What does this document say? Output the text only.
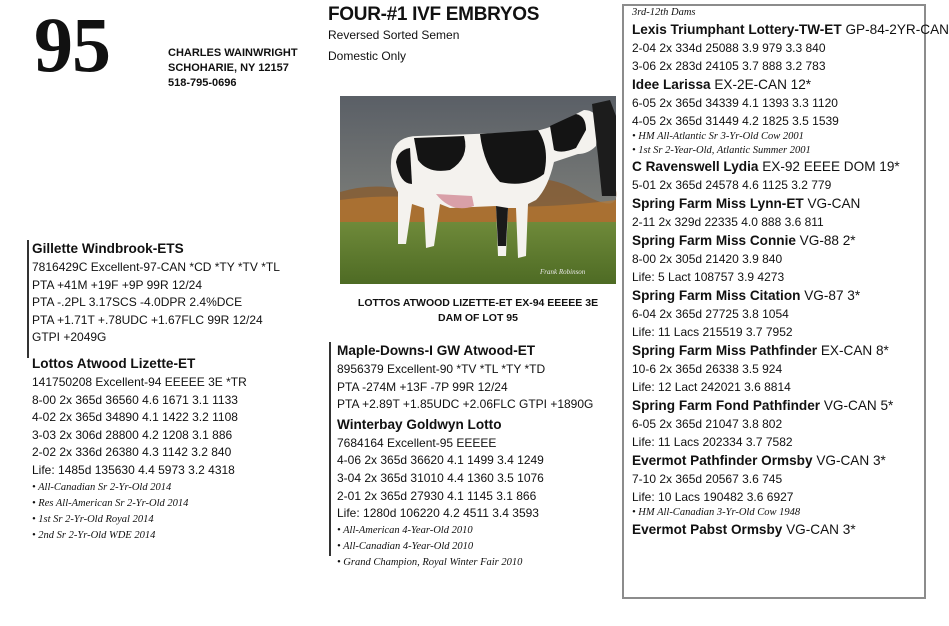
95	CHARLES WAINWRIGHT
SCHOHARIE, NY 12157
518-795-0696
FOUR-#1 IVF EMBRYOS
Reversed Sorted Semen
Domestic Only
Frank Robinson
LOTTOS ATWOOD LIZETTE-ET EX-94 EEEEE 3E
DAM OF LOT 95
Gillette Windbrook-ETS
7816429C Excellent-97-CAN *CD *TY *TV *TL
PTA +41M +19F +9P 99R 12/24
PTA -.2PL 3.17SCS -4.0DPR 2.4%DCE
PTA +1.71T +.78UDC +1.67FLC 99R 12/24
GTPI +2049G
Lottos Atwood Lizette-ET
141750208 Excellent-94 EEEEE 3E *TR
8-00 2x 365d 36560 4.6 1671 3.1 1133
4-02 2x 365d 34890 4.1 1422 3.2 1108
3-03 2x 306d 28800 4.2 1208 3.1 886
2-02 2x 336d 26380 4.3 1142 3.2 840
Life: 1485d 135630 4.4 5973 3.2 4318
• All-Canadian Sr 2-Yr-Old 2014
• Res All-American Sr 2-Yr-Old 2014
• 1st Sr 2-Yr-Old Royal 2014
• 2nd Sr 2-Yr-Old WDE 2014
Maple-Downs-I GW Atwood-ET
8956379 Excellent-90 *TV *TL *TY *TD
PTA -274M +13F -7P 99R 12/24
PTA +2.89T +1.85UDC +2.06FLC GTPI +1890G
Winterbay Goldwyn Lotto
7684164 Excellent-95 EEEEE
4-06 2x 365d 36620 4.1 1499 3.4 1249
3-04 2x 365d 31010 4.4 1360 3.5 1076
2-01 2x 365d 27930 4.1 1145 3.1 866
Life: 1280d 106220 4.2 4511 3.4 3593
• All-American 4-Year-Old 2010
• All-Canadian 4-Year-Old 2010
• Grand Champion, Royal Winter Fair 2010
3rd-12th Dams
Lexis Triumphant Lottery-TW-ET GP-84-2YR-CAN
2-04 2x 334d 25088 3.9 979 3.3 840
3-06 2x 283d 24105 3.7 888 3.2 783
Idee Larissa EX-2E-CAN 12*
6-05 2x 365d 34339 4.1 1393 3.3 1120
4-05 2x 365d 31449 4.2 1825 3.5 1539
• HM All-Atlantic Sr 3-Yr-Old Cow 2001
• 1st Sr 2-Year-Old, Atlantic Summer 2001
C Ravenswell Lydia EX-92 EEEE DOM 19*
5-01 2x 365d 24578 4.6 1125 3.2 779
Spring Farm Miss Lynn-ET VG-CAN
2-11 2x 329d 22335 4.0 888 3.6 811
Spring Farm Miss Connie VG-88 2*
8-00 2x 305d 21420 3.9 840
Life: 5 Lact 108757 3.9 4273
Spring Farm Miss Citation VG-87 3*
6-04 2x 365d 27725 3.8 1054
Life: 11 Lacs 215519 3.7 7952
Spring Farm Miss Pathfinder EX-CAN 8*
10-6 2x 365d 26338 3.5 924
Life: 12 Lact 242021 3.6 8814
Spring Farm Fond Pathfinder VG-CAN 5*
6-05 2x 365d 21047 3.8 802
Life: 11 Lacs 202334 3.7 7582
Evermot Pathfinder Ormsby VG-CAN 3*
7-10 2x 365d 20567 3.6 745
Life: 10 Lacs 190482 3.6 6927
• HM All-Canadian 3-Yr-Old Cow 1948
Evermot Pabst Ormsby VG-CAN 3*
